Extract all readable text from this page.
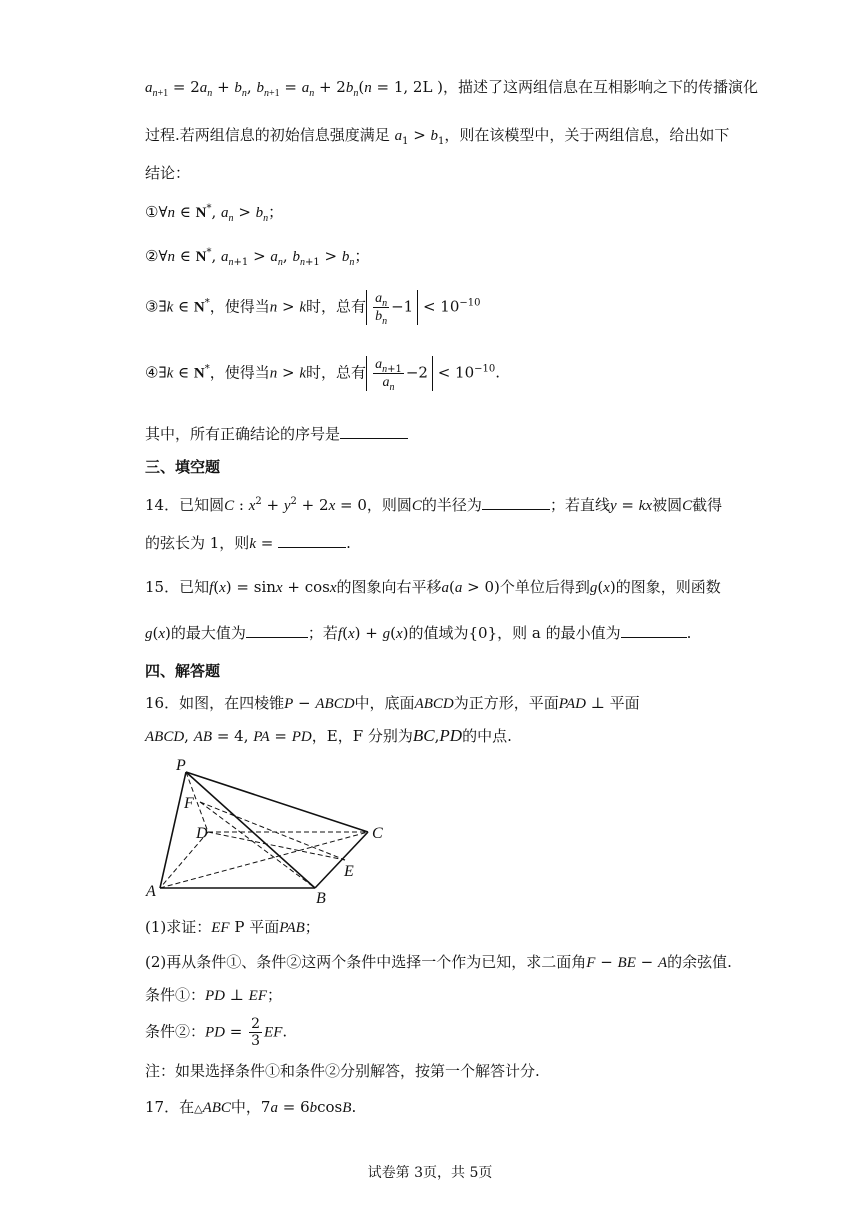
$a_{n+1} = 2a_n + b_n$, $b_{n+1} = a_n + 2b_n(n = 1$, 2L )，描述了这两组信息在互相影响之下的传播演化
过程.若两组信息的初始信息强度满足 $a_1 > b_1$，则在该模型中，关于两组信息，给出如下
结论：
①∀n ∈ N*, $a_n > b_n$；
②∀n ∈ N*, $a_{n+1} > a_n$, $b_{n+1} > b_n$；
③∃k ∈ N*，使得当n > k时，总有 $\frac{a_n}{b_n} -1 < 10^{-10}$
④∃k ∈ N*，使得当n > k时，总有 $\frac{a_{n+1}}{a_n} -2 < 10^{-10}$.
其中，所有正确结论的序号是
三、填空题
14．已知圆C : $x^2 + y^2 + 2x = 0$，则圆C的半径为	；若直线y = kx被圆C截得
的弦长为 1，则k =	.
15．已知f(x) = sinx + cosx的图象向右平移a(a > 0)个单位后得到g(x)的图象，则函数
g(x)的最大值为	；若f(x) + g(x)的值域为{0}，则 a 的最小值为	.
四、解答题
16．如图，在四棱锥P − ABCD中，底面ABCD为正方形，平面PAD ⊥ 平面
ABCD, AB = 4, PA = PD，E，F 分别为BC,PD的中点.
P
F
D	C
E
A	B
(1)求证：EF P 平面PAB；
(2)再从条件①、条件②这两个条件中选择一个作为已知，求二面角F − BE − A的余弦值.
条件①：PD ⊥ EF；
条件②：PD = $\frac{2}{3}$ EF.
注：如果选择条件①和条件②分别解答，按第一个解答计分.
17．在△ABC中，7a = 6bcosB.
试卷第 3页，共 5页
